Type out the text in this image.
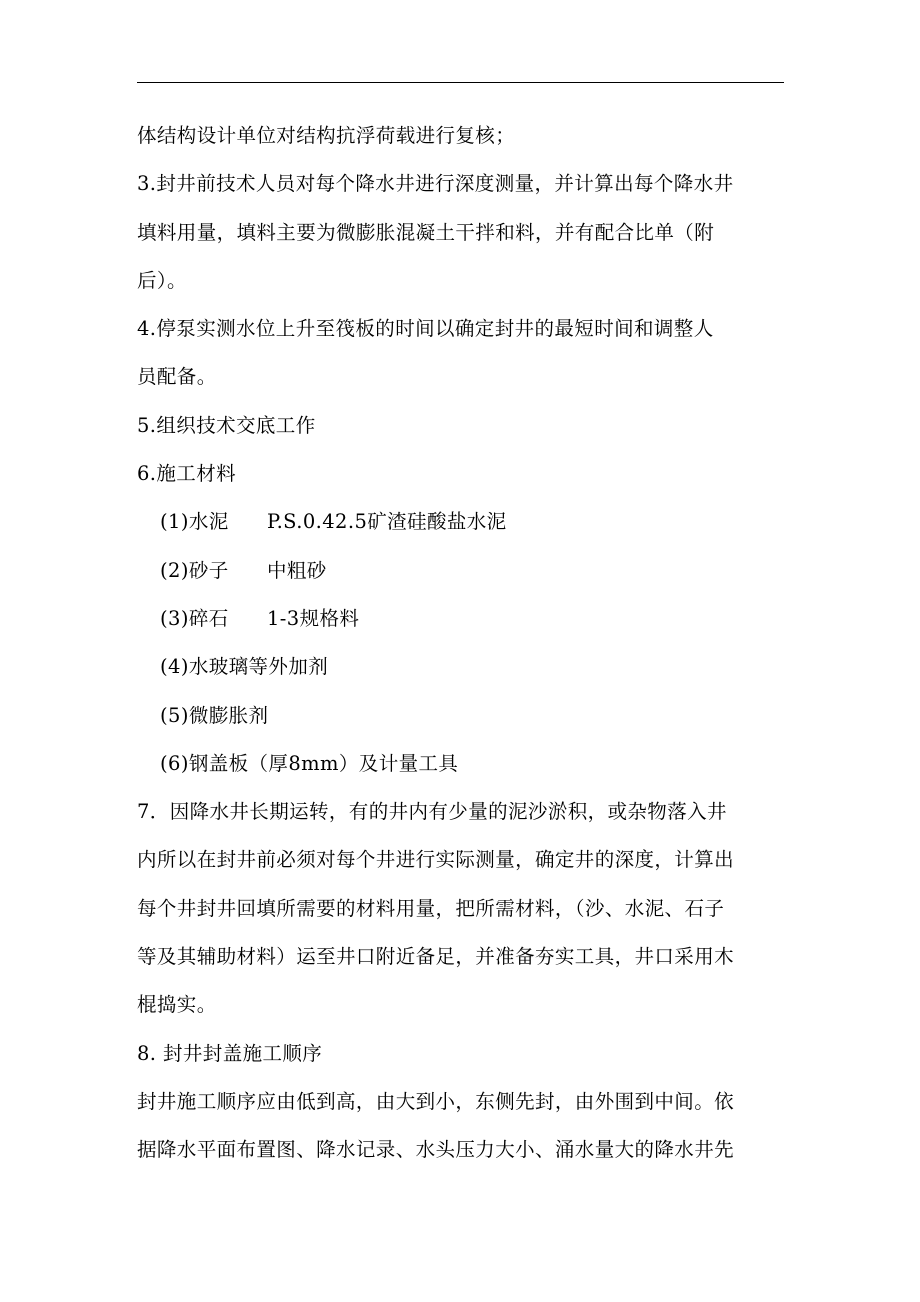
体结构设计单位对结构抗浮荷载进行复核；
3.封井前技术人员对每个降水井进行深度测量，并计算出每个降水井
填料用量，填料主要为微膨胀混凝土干拌和料，并有配合比单（附
后）。
4.停泵实测水位上升至筏板的时间以确定封井的最短时间和调整人
员配备。
5.组织技术交底工作
6.施工材料
(1)水泥 P.S.0.42.5矿渣硅酸盐水泥
(2)砂子 中粗砂
(3)碎石 1-3规格料
(4)水玻璃等外加剂
(5)微膨胀剂
(6)钢盖板（厚8mm）及计量工具
7．因降水井长期运转，有的井内有少量的泥沙淤积，或杂物落入井
内所以在封井前必须对每个井进行实际测量，确定井的深度，计算出
每个井封井回填所需要的材料用量，把所需材料，（沙、水泥、石子
等及其辅助材料）运至井口附近备足，并准备夯实工具，井口采用木
棍捣实。
8. 封井封盖施工顺序
封井施工顺序应由低到高，由大到小，东侧先封，由外围到中间。依
据降水平面布置图、降水记录、水头压力大小、涌水量大的降水井先
